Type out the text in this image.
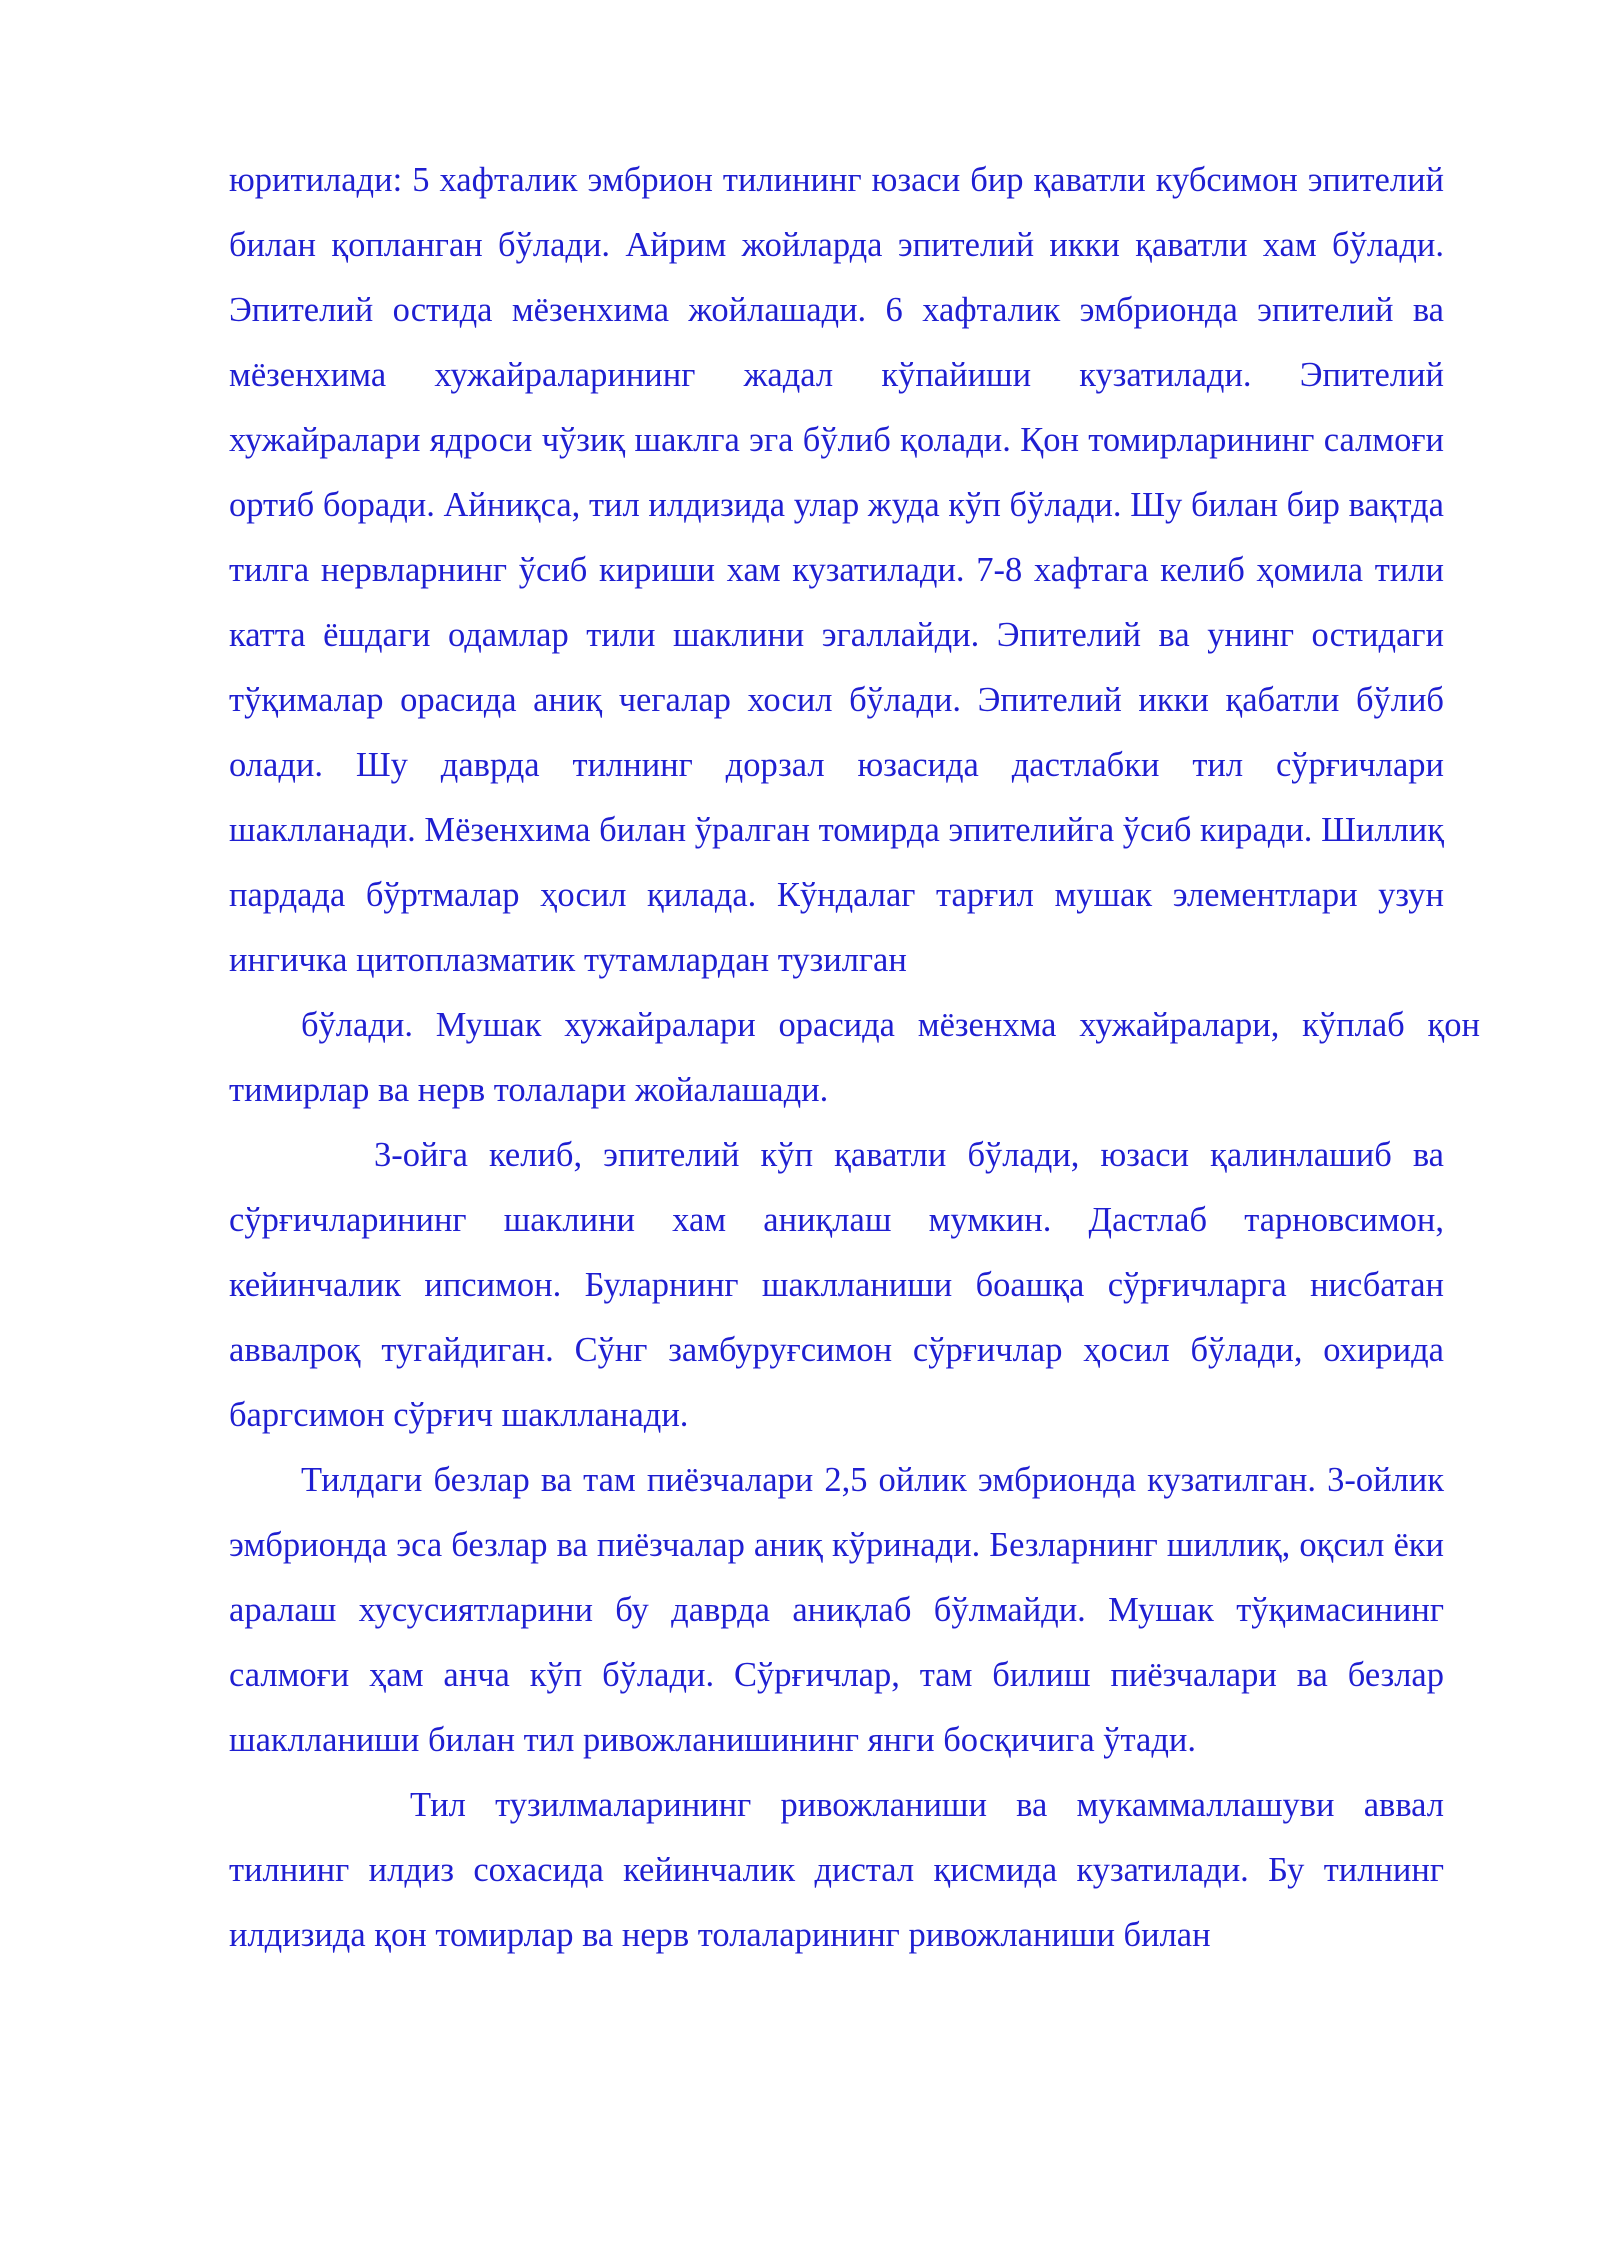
юритилади: 5 хафталик эмбрион тилининг юзаси бир қаватли кубсимон эпителий билан қопланган бўлади. Айрим жойларда эпителий икки қаватли хам бўлади. Эпителий остида мёзенхима жойлашади. 6 хафталик эмбрионда эпителий ва мёзенхима хужайраларининг жадал кўпайиши кузатилади. Эпителий хужайралари ядроси чўзиқ шаклга эга бўлиб қолади. Қон томирларининг салмоғи ортиб боради. Айниқса, тил илдизида улар жуда кўп бўлади. Шу билан бир вақтда тилга нервларнинг ўсиб кириши хам кузатилади. 7-8 хафтага келиб ҳомила тили катта ёшдаги одамлар тили шаклини эгаллайди. Эпителий ва унинг остидаги тўқималар орасида аниқ чегалар хосил бўлади. Эпителий икки қабатли бўлиб олади. Шу даврда тилнинг дорзал юзасида дастлабки тил сўрғичлари шаклланади. Мёзенхима билан ўралган томирда эпителийга ўсиб киради. Шиллиқ пардада бўртмалар ҳосил қилада. Кўндалаг тарғил мушак элементлари узун ингичка цитоплазматик тутамлардан тузилган

бўлади. Мушак хужайралари орасида мёзенхма хужайралари, кўплаб қон тимирлар ва нерв толалари жойалашади.

3-ойга келиб, эпителий кўп қаватли бўлади, юзаси қалинлашиб ва сўрғичларининг шаклини хам аниқлаш мумкин. Дастлаб тарновсимон, кейинчалик ипсимон. Буларнинг шаклланиши боашқа сўрғичларга нисбатан аввалроқ тугайдиган. Сўнг замбуруғсимон сўрғичлар ҳосил бўлади, охирида баргсимон сўрғич шаклланади.

Тилдаги безлар ва там пиёзчалари 2,5 ойлик эмбрионда кузатилган. 3-ойлик эмбрионда эса безлар ва пиёзчалар аниқ кўринади. Безларнинг шиллиқ, оқсил ёки аралаш хусусиятларини бу даврда аниқлаб бўлмайди. Мушак тўқимасининг салмоғи ҳам анча кўп бўлади. Сўрғичлар, там билиш пиёзчалари ва безлар шаклланиши билан тил ривожланишининг янги босқичига ўтади.

Тил тузилмаларининг ривожланиши ва мукаммаллашуви аввал тилнинг илдиз сохасида кейинчалик дистал қисмида кузатилади. Бу тилнинг илдизида қон томирлар ва нерв толаларининг ривожланиши билан
